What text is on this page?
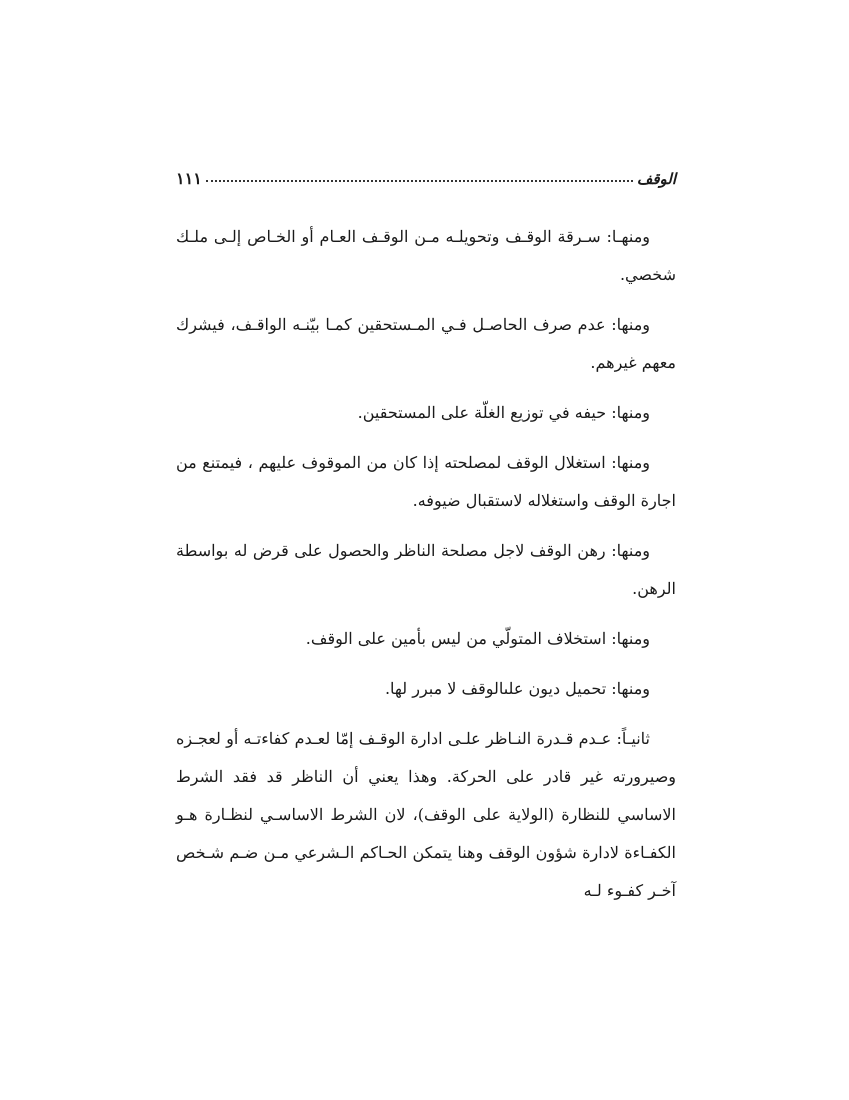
الوقف
١١١

ومنهـا: سـرقة الوقـف وتحويلـه مـن الوقـف العـام أو الخـاص إلـى ملـك شخصي.

ومنها: عدم صرف الحاصـل فـي المـستحقين كمـا بيّنـه الواقـف، فيشرك معهم غيرهم.

ومنها: حيفه في توزيع الغلّة على المستحقين.

ومنها: استغلال الوقف لمصلحته إذا كان من الموقوف عليهم ، فيمتنع من اجارة الوقف واستغلاله لاستقبال ضيوفه.

ومنها: رهن الوقف لاجل مصلحة الناظر والحصول على قرض له بواسطة الرهن.

ومنها: استخلاف المتولّي من ليس بأمين على الوقف.

ومنها: تحميل ديون علىالوقف لا مبرر لها.

ثانيـاً: عـدم قـدرة النـاظر علـى ادارة الوقـف إمّا لعـدم كفاءتـه أو لعجـزه وصيرورته غير قادر على الحركة. وهذا يعني أن الناظر قد فقد الشرط الاساسي للنظارة (الولاية على الوقف)، لان الشرط الاساسـي لنظـارة هـو الكفـاءة لادارة شؤون الوقف وهنا يتمكن الحـاكم الـشرعي مـن ضـم شـخص آخـر كفـوء لـه
